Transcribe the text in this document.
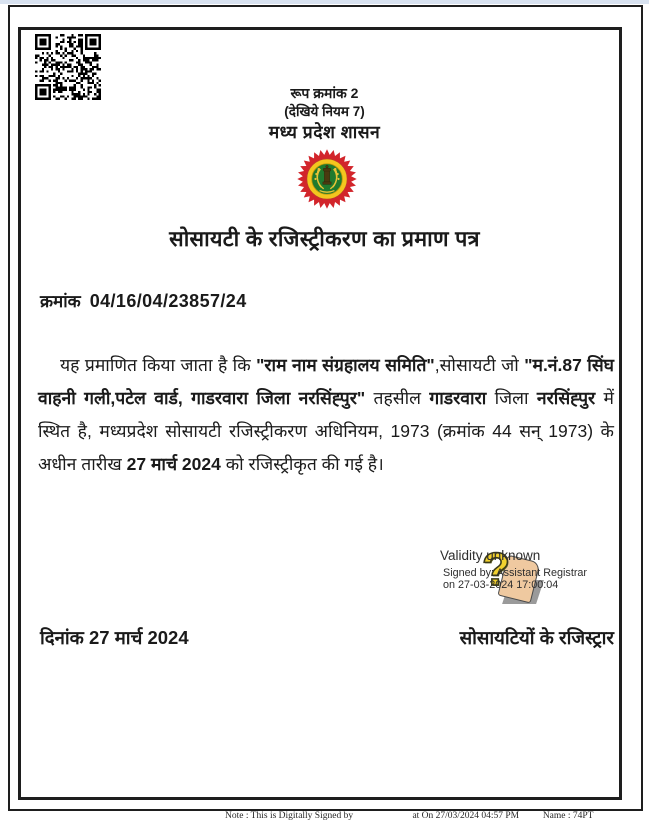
रूप क्रमांक 2
(देखिये नियम 7)
मध्य प्रदेश शासन
सोसायटी के रजिस्ट्रीकरण का प्रमाण पत्र
क्रमांक 04/16/04/23857/24
यह प्रमाणित किया जाता है कि "राम नाम संग्रहालय समिति",सोसायटी जो "म.नं.87 सिंघ वाहनी गली,पटेल वार्ड, गाडरवारा जिला नरसिंह्पुर" तहसील गाडरवारा जिला नरसिंह्पुर में स्थित है, मध्यप्रदेश सोसायटी रजिस्ट्रीकरण अधिनियम, 1973 (क्रमांक 44 सन् 1973) के अधीन तारीख 27 मार्च 2024 को रजिस्ट्रीकृत की गई है।
?
Validity unknown
Signed by: Assistant Registrar
on 27-03-2024 17:00:04
दिनांक 27 मार्च 2024	सोसायटियों के रजिस्ट्रार
Note : This is Digitally Signed by                         at On 27/03/2024 04:57 PM          Name : 74PT
